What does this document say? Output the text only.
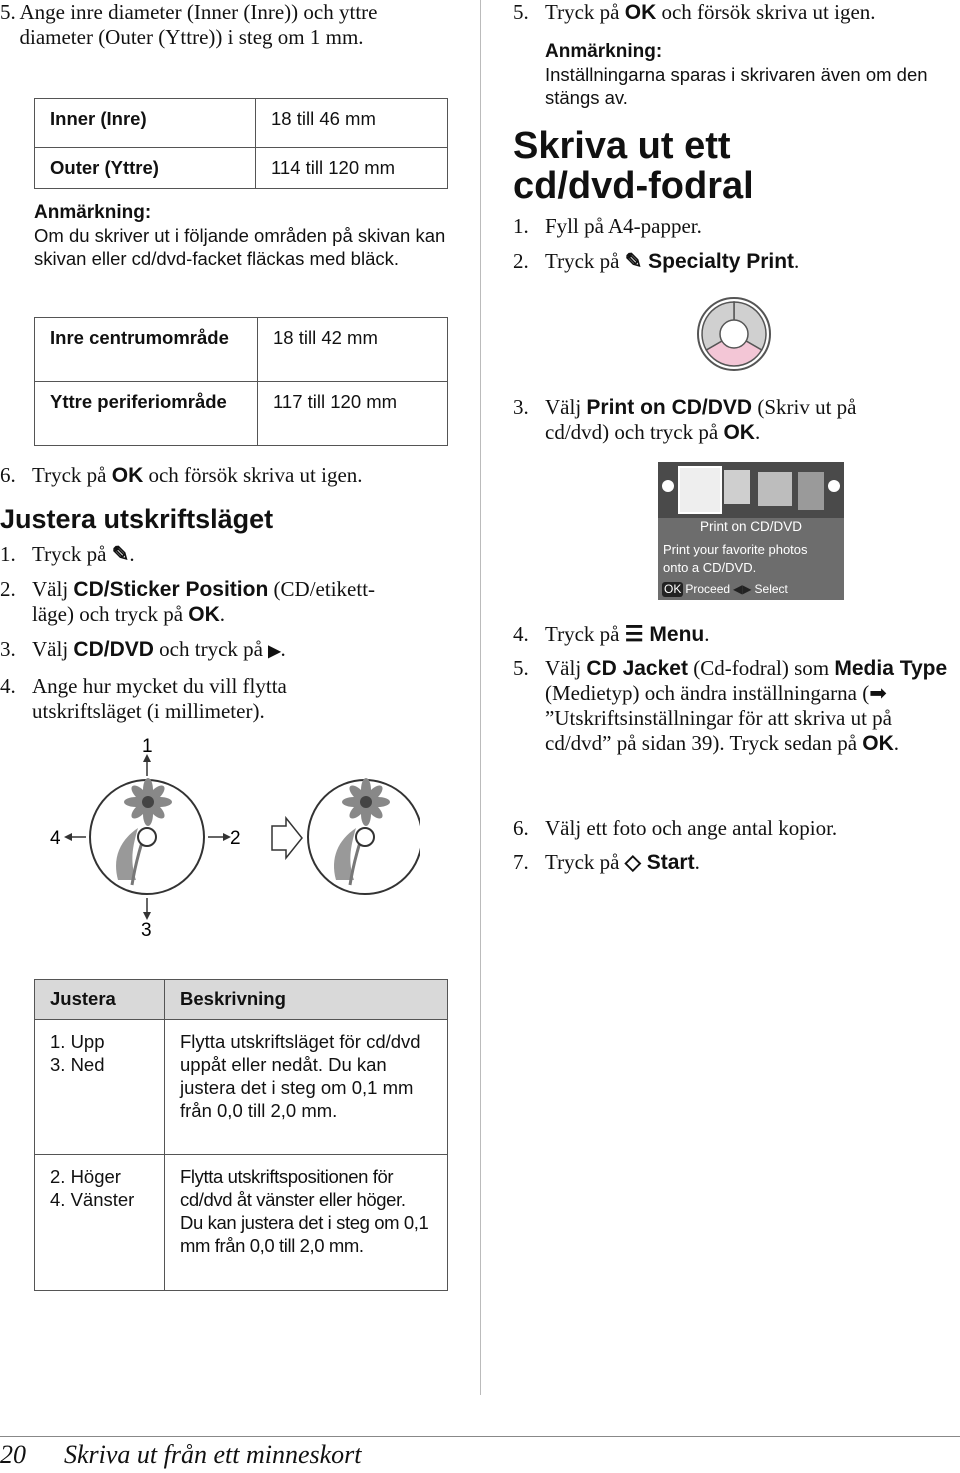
5. Ange inre diameter (Inner (Inre)) och yttre diameter (Outer (Yttre)) i steg om 1 mm.
Inner (Inre)	18 till 46 mm
Outer (Yttre)	114 till 120 mm
Anmärkning:
Om du skriver ut i följande områden på skivan kan skivan eller cd/dvd-facket fläckas med bläck.
Inre centrumområde	18 till 42 mm
Yttre periferiområde	117 till 120 mm
6. Tryck på OK och försök skriva ut igen.
Justera utskriftsläget
1. Tryck på ✎.
2. Välj CD/Sticker Position (CD/etikett-läge) och tryck på OK.
3. Välj CD/DVD och tryck på ▶.
4. Ange hur mycket du vill flytta utskriftsläget (i millimeter).
1
2
3
4
Justera	Beskrivning

1. Upp
3. Ned	Flytta utskriftsläget för cd/dvd uppåt eller nedåt. Du kan justera det i steg om 0,1 mm från 0,0 till 2,0 mm.

2. Höger
4. Vänster	Flytta utskriftspositionen för cd/dvd åt vänster eller höger. Du kan justera det i steg om 0,1 mm från 0,0 till 2,0 mm.
5. Tryck på OK och försök skriva ut igen.
Anmärkning:
Inställningarna sparas i skrivaren även om den stängs av.
Skriva ut ett cd/dvd-fodral
1. Fyll på A4-papper.
2. Tryck på ✎ Specialty Print.
3. Välj Print on CD/DVD (Skriv ut på cd/dvd) och tryck på OK.
Print on CD/DVD
Print your favorite photos
onto a CD/DVD.
OK Proceed ◀▶ Select
4. Tryck på ☰ Menu.
5. Välj CD Jacket (Cd-fodral) som Media Type (Medietyp) och ändra inställningarna (➡ ”Utskriftsinställningar för att skriva ut på cd/dvd” på sidan 39). Tryck sedan på OK.
6. Välj ett foto och ange antal kopior.
7. Tryck på ◇ Start.
20 Skriva ut från ett minneskort
